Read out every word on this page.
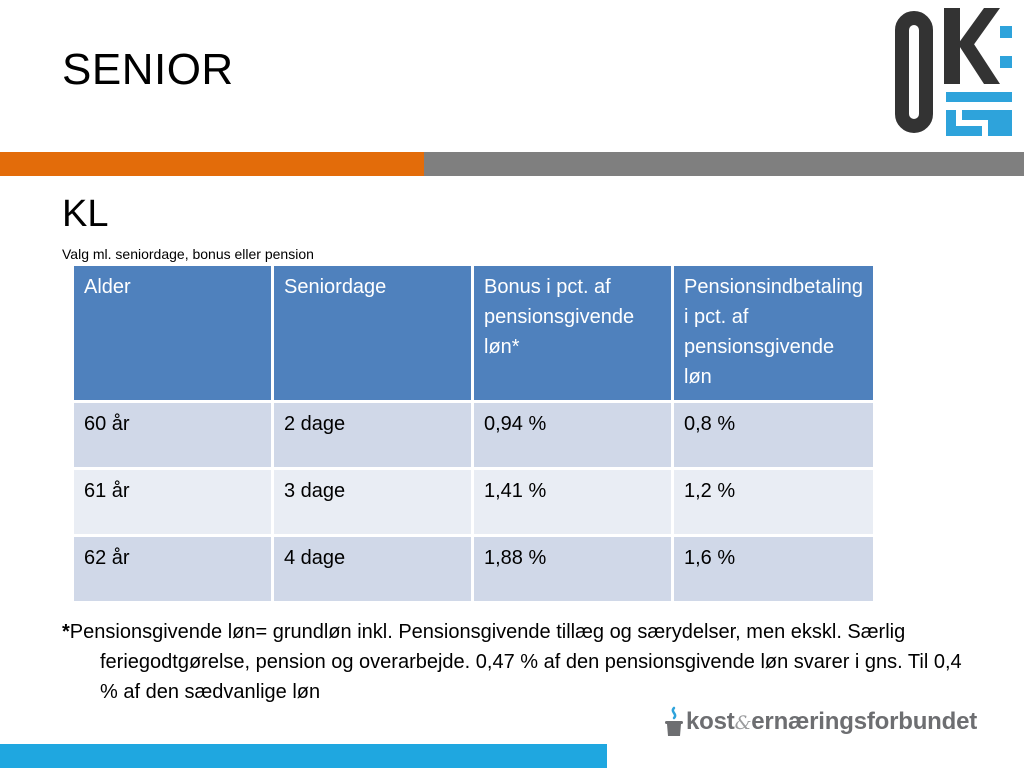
SENIOR
KL
Valg ml. seniordage, bonus eller pension
Alder	Seniordage	Bonus i pct. af pensionsgivende løn*	Pensionsindbetaling i pct. af pensionsgivende løn
60 år	2 dage	0,94 %	0,8 %
61 år	3 dage	1,41 %	1,2 %
62 år	4 dage	1,88 %	1,6 %
*Pensionsgivende løn= grundløn inkl. Pensionsgivende tillæg og særydelser, men ekskl. Særlig feriegodtgørelse, pension og overarbejde. 0,47 % af den pensionsgivende løn svarer i gns. Til 0,4 % af den sædvanlige løn
kost&ernæringsforbundet
